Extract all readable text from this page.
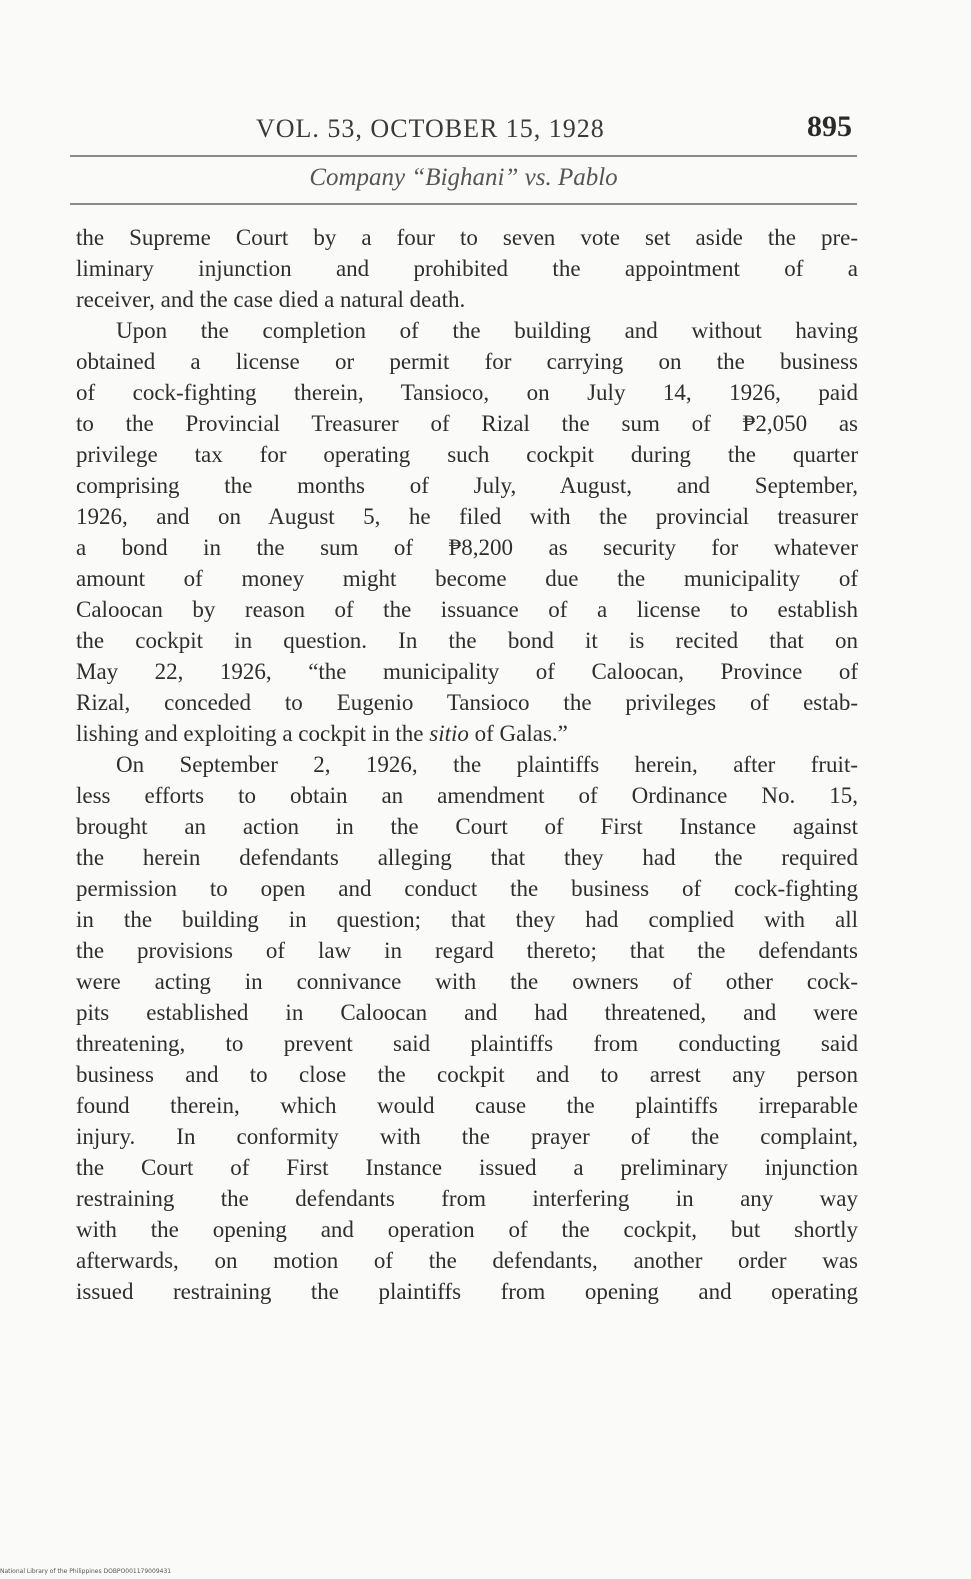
VOL. 53, OCTOBER 15, 1928	895
Company “Bighani” vs. Pablo
the Supreme Court by a four to seven vote set aside the pre-
liminary injunction and prohibited the appointment of a
receiver, and the case died a natural death.
Upon the completion of the building and without having
obtained a license or permit for carrying on the business
of cock-fighting therein, Tansioco, on July 14, 1926, paid
to the Provincial Treasurer of Rizal the sum of ₱2,050 as
privilege tax for operating such cockpit during the quarter
comprising the months of July, August, and September,
1926, and on August 5, he filed with the provincial treasurer
a bond in the sum of ₱8,200 as security for whatever
amount of money might become due the municipality of
Caloocan by reason of the issuance of a license to establish
the cockpit in question. In the bond it is recited that on
May 22, 1926, “the municipality of Caloocan, Province of
Rizal, conceded to Eugenio Tansioco the privileges of estab-
lishing and exploiting a cockpit in the sitio of Galas.”
On September 2, 1926, the plaintiffs herein, after fruit-
less efforts to obtain an amendment of Ordinance No. 15,
brought an action in the Court of First Instance against
the herein defendants alleging that they had the required
permission to open and conduct the business of cock-fighting
in the building in question; that they had complied with all
the provisions of law in regard thereto; that the defendants
were acting in connivance with the owners of other cock-
pits established in Caloocan and had threatened, and were
threatening, to prevent said plaintiffs from conducting said
business and to close the cockpit and to arrest any person
found therein, which would cause the plaintiffs irreparable
injury. In conformity with the prayer of the complaint,
the Court of First Instance issued a preliminary injunction
restraining the defendants from interfering in any way
with the opening and operation of the cockpit, but shortly
afterwards, on motion of the defendants, another order was
issued restraining the plaintiffs from opening and operating
National Library of the Philippines DOBPO001179009431
